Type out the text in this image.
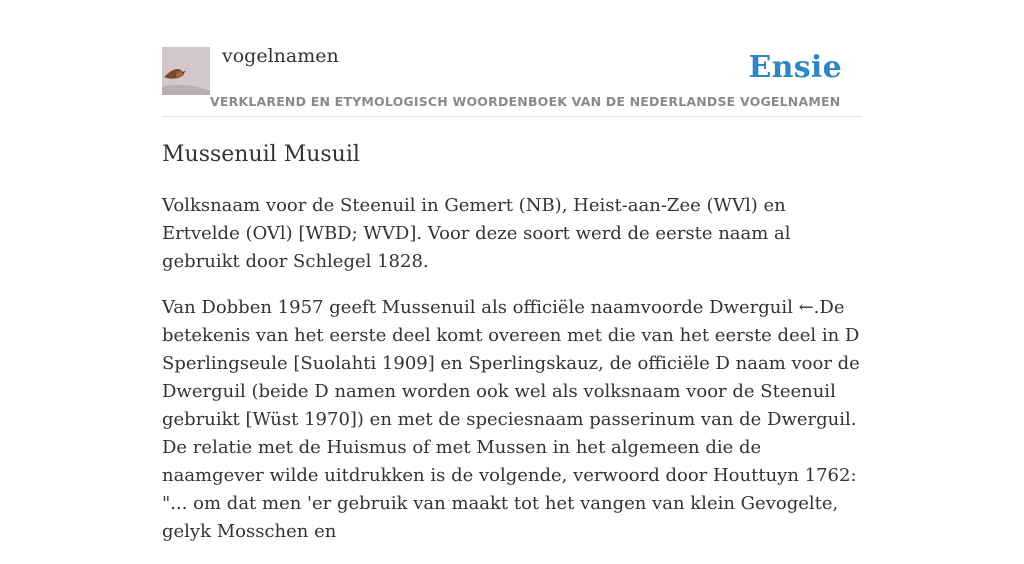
vogelnamen	Ensie
VERKLAREND EN ETYMOLOGISCH WOORDENBOEK VAN DE NEDERLANDSE VOGELNAMEN
Mussenuil Musuil

Volksnaam voor de Steenuil in Gemert (NB), Heist-aan-Zee (WVl) en Ertvelde (OVl) [WBD; WVD]. Voor deze soort werd de eerste naam al gebruikt door Schlegel 1828.

Van Dobben 1957 geeft Mussenuil als officiële naamvoorde Dwerguil ←.De betekenis van het eerste deel komt overeen met die van het eerste deel in D Sperlingseule [Suolahti 1909] en Sperlingskauz, de officiële D naam voor de Dwerguil (beide D namen worden ook wel als volksnaam voor de Steenuil gebruikt [Wüst 1970]) en met de speciesnaam passerinum van de Dwerguil. De relatie met de Huismus of met Mussen in het algemeen die de naamgever wilde uitdrukken is de volgende, verwoord door Houttuyn 1762: "... om dat men 'er gebruik van maakt tot het vangen van klein Gevogelte, gelyk Mosschen en
